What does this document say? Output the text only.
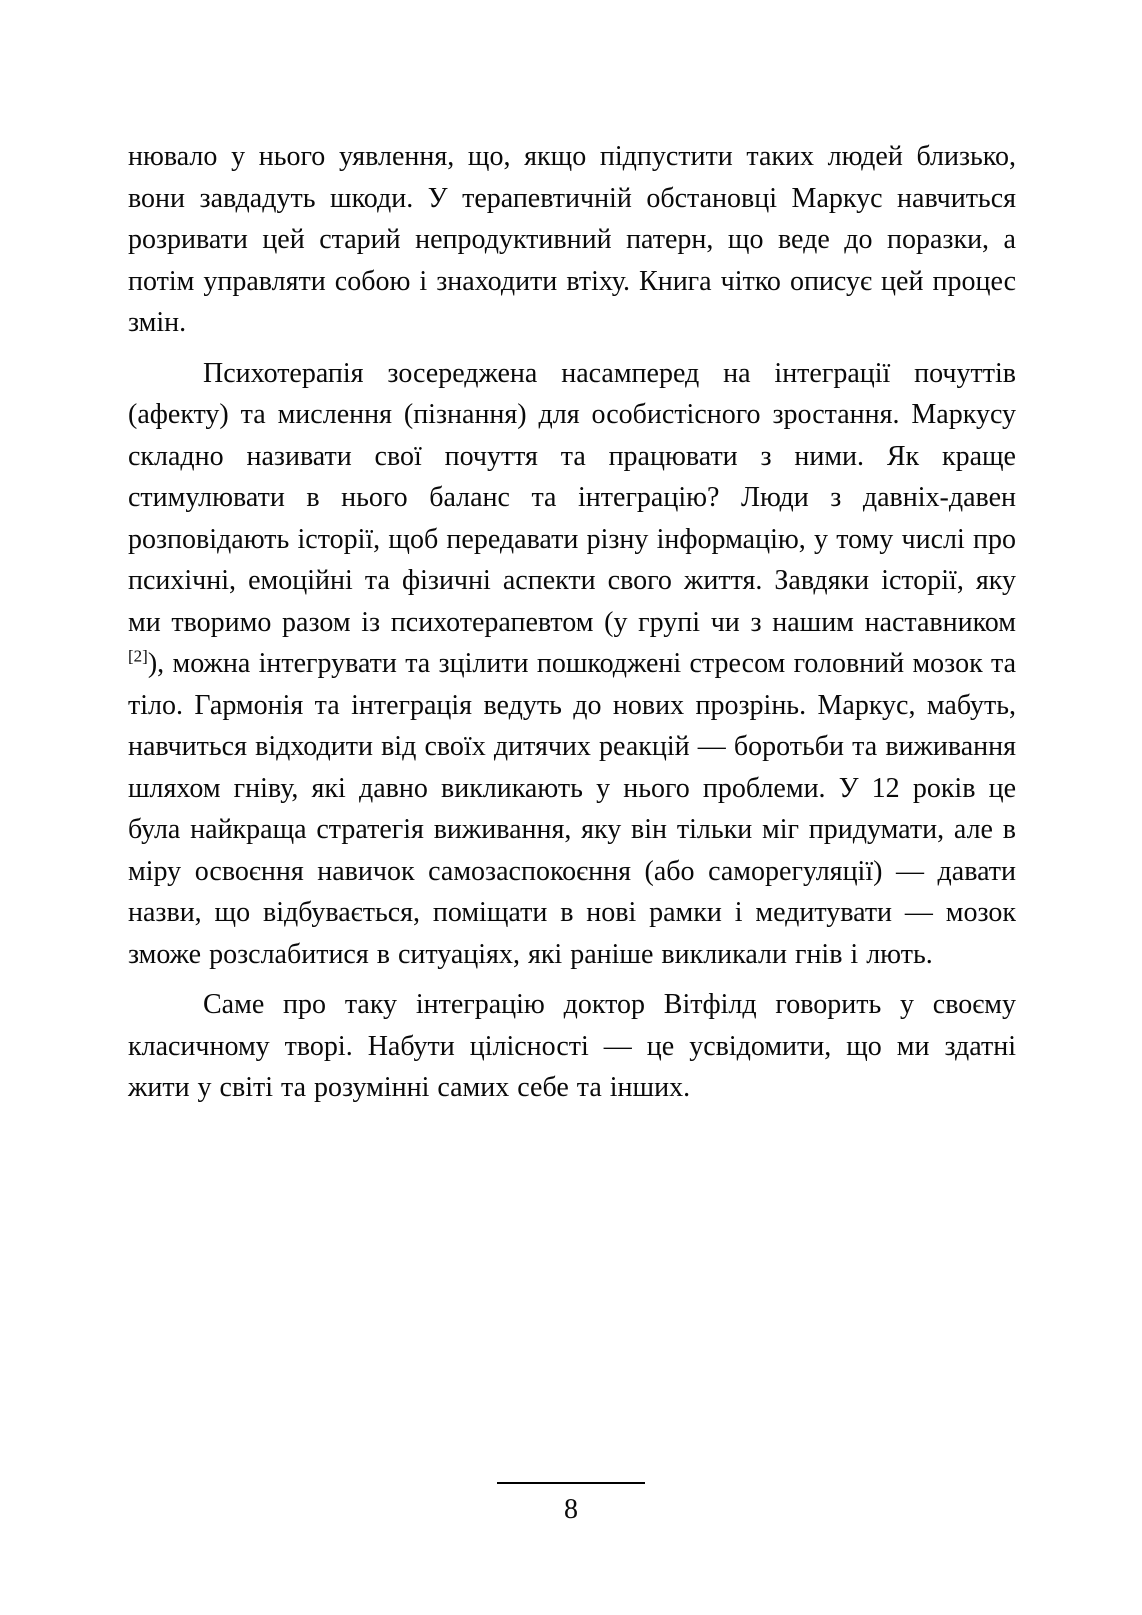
нювало у нього уявлення, що, якщо підпустити таких людей близько, вони завдадуть шкоди. У терапевтичній обстановці Маркус навчиться розривати цей старий непродуктивний патерн, що веде до поразки, а потім управляти собою і знаходити втіху. Книга чітко описує цей процес змін.

Психотерапія зосереджена насамперед на інтеграції почуттів (афекту) та мислення (пізнання) для особистісного зростання. Маркусу складно називати свої почуття та працювати з ними. Як краще стимулювати в нього баланс та інтеграцію? Люди з давніх-давен розповідають історії, щоб передавати різну інформацію, у тому числі про психічні, емоційні та фізичні аспекти свого життя. Завдяки історії, яку ми творимо разом із психотерапевтом (у групі чи з нашим наставником [2]), можна інтегрувати та зцілити пошкоджені стресом головний мозок та тіло. Гармонія та інтеграція ведуть до нових прозрінь. Маркус, мабуть, навчиться відходити від своїх дитячих реакцій — боротьби та виживання шляхом гніву, які давно викликають у нього проблеми. У 12 років це була найкраща стратегія виживання, яку він тільки міг придумати, але в міру освоєння навичок самозаспокоєння (або саморегуляції) — давати назви, що відбувається, поміщати в нові рамки і медитувати — мозок зможе розслабитися в ситуаціях, які раніше викликали гнів і лють.

Саме про таку інтеграцію доктор Вітфілд говорить у своєму класичному творі. Набути цілісності — це усвідомити, що ми здатні жити у світі та розумінні самих себе та інших.

8
